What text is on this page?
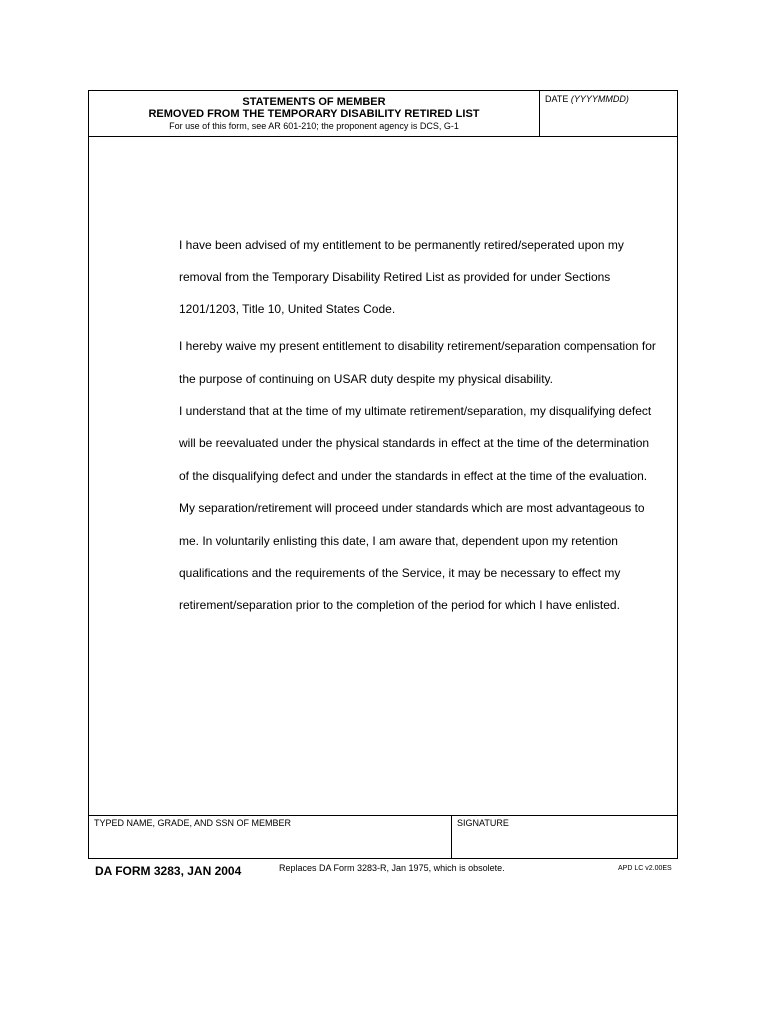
STATEMENTS OF MEMBER
REMOVED FROM THE TEMPORARY DISABILITY RETIRED LIST
For use of this form, see AR 601-210; the proponent agency is DCS, G-1
DATE (YYYYMMDD)

I have been advised of my entitlement to be permanently retired/seperated upon my removal from the Temporary Disability Retired List as provided for under Sections 1201/1203, Title 10, United States Code.

I hereby waive my present entitlement to disability retirement/separation compensation for the purpose of continuing on USAR duty despite my physical disability.

I understand that at the time of my ultimate retirement/separation, my disqualifying defect will be reevaluated under the physical standards in effect at the time of the determination of the disqualifying defect and under the standards in effect at the time of the evaluation. My separation/retirement will proceed under standards which are most advantageous to me. In voluntarily enlisting this date, I am aware that, dependent upon my retention qualifications and the requirements of the Service, it may be necessary to effect my retirement/separation prior to the completion of the period for which I have enlisted.

TYPED NAME, GRADE, AND SSN OF MEMBER	SIGNATURE
DA FORM 3283, JAN 2004	Replaces DA Form 3283-R, Jan 1975, which is obsolete.	APD LC v2.00ES
